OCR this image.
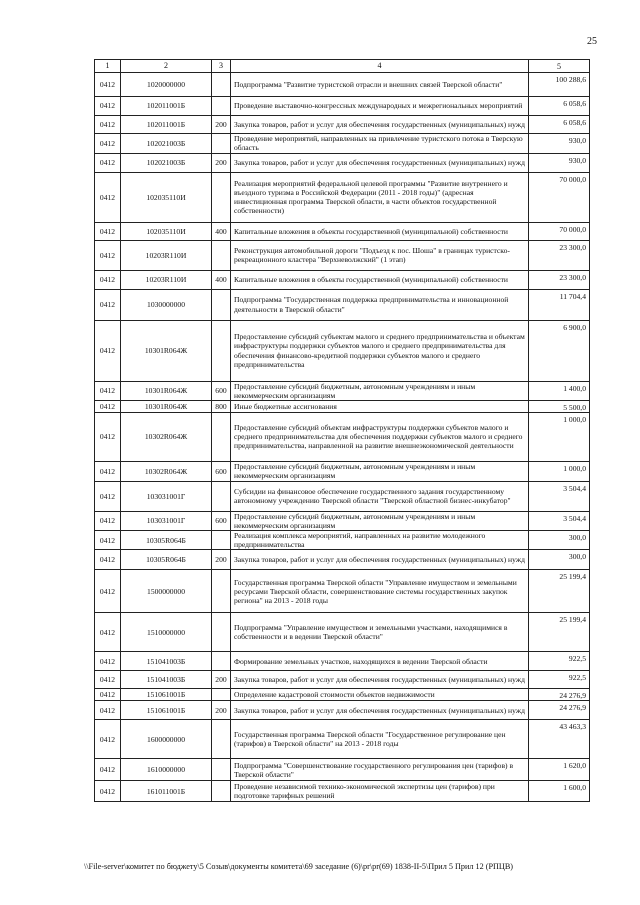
25
1	2	3	4	5
0412	1020000000		Подпрограмма "Развитие туристской отрасли и внешних связей Тверской области"	100 288,6
0412	102011001Б		Проведение выставочно-конгрессных международных и межрегиональных мероприятий	6 058,6
0412	102011001Б	200	Закупка товаров, работ и услуг для обеспечения государственных (муниципальных) нужд	6 058,6
0412	102021003Б		Проведение мероприятий, направленных на привлечение туристского потока в Тверскую область	930,0
0412	102021003Б	200	Закупка товаров, работ и услуг для обеспечения государственных (муниципальных) нужд	930,0
0412	102035110И		Реализация мероприятий федеральной целевой программы "Развитие внутреннего и въездного туризма в Российской Федерации (2011 - 2018 годы)" (адресная инвестиционная программа Тверской области, в части объектов государственной собственности)	70 000,0
0412	102035110И	400	Капитальные вложения в объекты государственной (муниципальной) собственности	70 000,0
0412	10203R110И		Реконструкция автомобильной дороги "Подъезд к пос. Шоша" в границах туристско-рекреационного кластера "Верхневолжский" (1 этап)	23 300,0
0412	10203R110И	400	Капитальные вложения в объекты государственной (муниципальной) собственности	23 300,0
0412	1030000000		Подпрограмма "Государственная поддержка предпринимательства и инновационной деятельности в Тверской области"	11 704,4
0412	10301R064Ж		Предоставление субсидий субъектам малого и среднего предпринимательства и объектам инфраструктуры поддержки субъектов малого и среднего предпринимательства для обеспечения финансово-кредитной поддержки субъектов малого и среднего предпринимательства	6 900,0
0412	10301R064Ж	600	Предоставление субсидий бюджетным, автономным учреждениям и иным некоммерческим организациям	1 400,0
0412	10301R064Ж	800	Иные бюджетные ассигнования	5 500,0
0412	10302R064Ж		Предоставление субсидий объектам инфраструктуры поддержки субъектов малого и среднего предпринимательства для обеспечения поддержки субъектов малого и среднего предпринимательства, направленной на развитие внешнеэкономической деятельности	1 000,0
0412	10302R064Ж	600	Предоставление субсидий бюджетным, автономным учреждениям и иным некоммерческим организациям	1 000,0
0412	103031001Г		Субсидии на финансовое обеспечение государственного задания государственному автономному учреждению Тверской области "Тверской областной бизнес-инкубатор"	3 504,4
0412	103031001Г	600	Предоставление субсидий бюджетным, автономным учреждениям и иным некоммерческим организациям	3 504,4
0412	10305R064Б		Реализация комплекса мероприятий, направленных на развитие молодежного предпринимательства	300,0
0412	10305R064Б	200	Закупка товаров, работ и услуг для обеспечения государственных (муниципальных) нужд	300,0
0412	1500000000		Государственная программа Тверской области "Управление имуществом и земельными ресурсами Тверской области, совершенствование системы государственных закупок региона" на 2013 - 2018 годы	25 199,4
0412	1510000000		Подпрограмма "Управление имуществом и земельными участками, находящимися в собственности и в ведении Тверской области"	25 199,4
0412	151041003Б		Формирование земельных участков, находящихся в ведении Тверской области	922,5
0412	151041003Б	200	Закупка товаров, работ и услуг для обеспечения государственных (муниципальных) нужд	922,5
0412	151061001Б		Определение кадастровой стоимости объектов недвижимости	24 276,9
0412	151061001Б	200	Закупка товаров, работ и услуг для обеспечения государственных (муниципальных) нужд	24 276,9
0412	1600000000		Государственная программа Тверской области "Государственное регулирование цен (тарифов) в Тверской области" на 2013 - 2018 годы	43 463,3
0412	1610000000		Подпрограмма "Совершенствование государственного регулирования цен (тарифов) в Тверской области"	1 620,0
0412	161011001Б		Проведение независимой технико-экономической экспертизы цен (тарифов) при подготовке тарифных решений	1 600,0
\\File-server\комитет по бюджету\5 Созыв\документы комитета\69 заседание (6)\pr\pr(69) 1838-II-5\Прил 5 Прил 12 (РПЦВ)
